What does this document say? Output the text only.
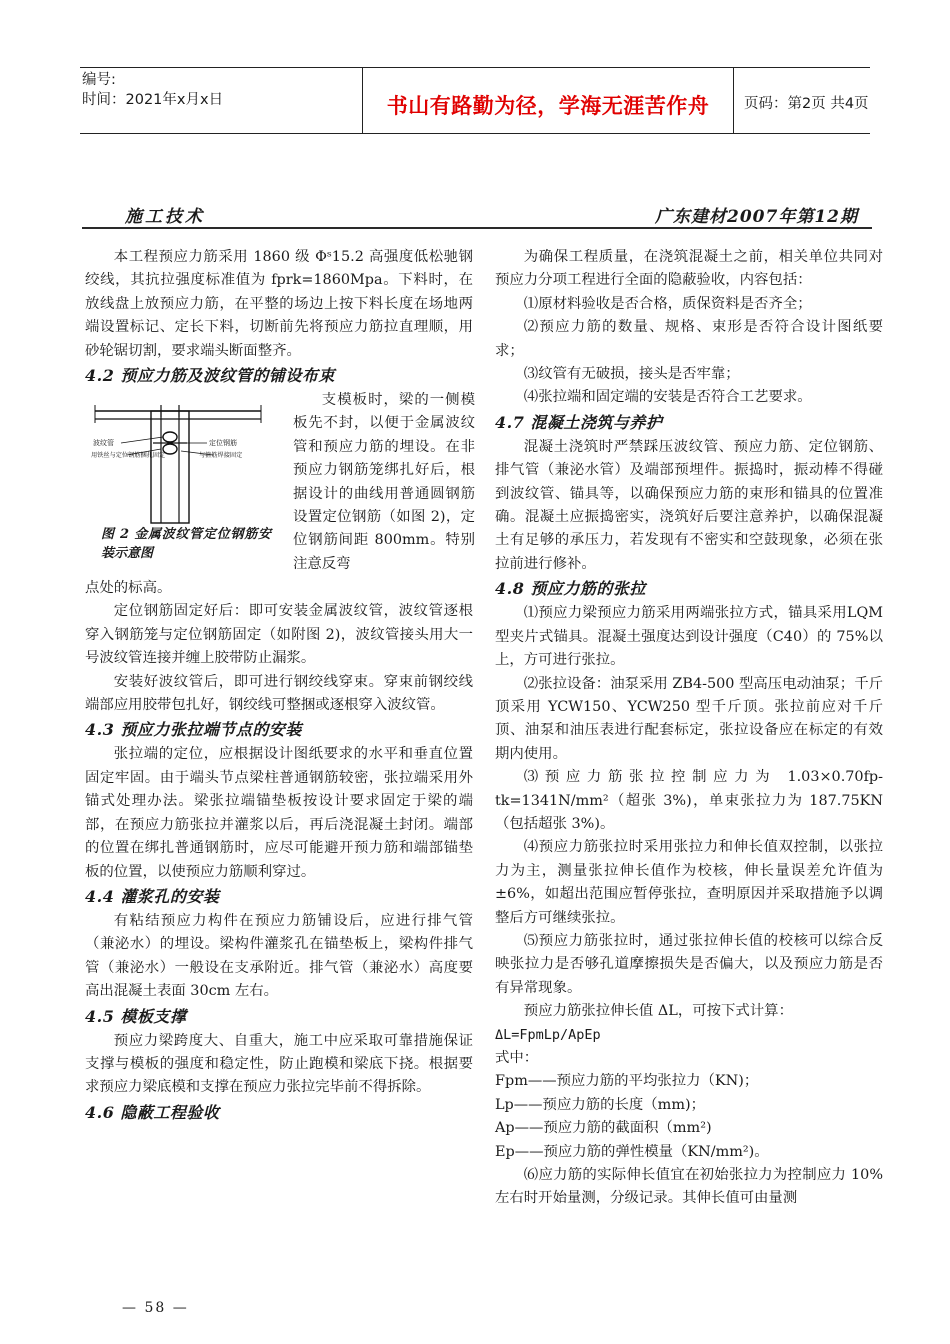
编号:
时间：2021年x月x日	书山有路勤为径，学海无涯苦作舟	页码：第2页 共4页
施工技术	广东建材2007年第12期

本工程预应力筋采用 1860 级 Φˢ15.2 高强度低松驰钢绞线，其抗拉强度标准值为 fprk=1860Mpa。下料时，在放线盘上放预应力筋，在平整的场边上按下料长度在场地两端设置标记、定长下料，切断前先将预应力筋拉直理顺，用砂轮锯切割，要求端头断面整齐。

4.2 预应力筋及波纹管的铺设布束

波纹管	定位钢筋
用铁丝与定位钢筋捆扎固定	与箍筋焊接固定
图 2 金属波纹管定位钢筋安装示意图

支模板时，梁的一侧模板先不封，以便于金属波纹管和预应力筋的埋设。在非预应力钢筋笼绑扎好后，根据设计的曲线用普通圆钢筋设置定位钢筋（如图 2)，定位钢筋间距 800mm。特别注意反弯

点处的标高。

定位钢筋固定好后：即可安装金属波纹管，波纹管逐根穿入钢筋笼与定位钢筋固定（如附图 2)，波纹管接头用大一号波纹管连接并缠上胶带防止漏浆。

安装好波纹管后，即可进行钢绞线穿束。穿束前钢绞线端部应用胶带包扎好，钢绞线可整捆或逐根穿入波纹管。

4.3 预应力张拉端节点的安装

张拉端的定位，应根据设计图纸要求的水平和垂直位置固定牢固。由于端头节点梁柱普通钢筋较密，张拉端采用外锚式处理办法。梁张拉端锚垫板按设计要求固定于梁的端部，在预应力筋张拉并灌浆以后，再后浇混凝土封闭。端部的位置在绑扎普通钢筋时，应尽可能避开预力筋和端部锚垫板的位置，以使预应力筋顺利穿过。

4.4 灌浆孔的安装

有粘结预应力构件在预应力筋铺设后，应进行排气管（兼泌水）的埋设。梁构件灌浆孔在锚垫板上，梁构件排气管（兼泌水）一般设在支承附近。排气管（兼泌水）高度要高出混凝土表面 30cm 左右。

4.5 模板支撑

预应力梁跨度大、自重大，施工中应采取可靠措施保证支撑与模板的强度和稳定性，防止跑模和梁底下挠。根据要求预应力梁底模和支撑在预应力张拉完毕前不得拆除。

4.6 隐蔽工程验收

为确保工程质量，在浇筑混凝土之前，相关单位共同对预应力分项工程进行全面的隐蔽验收，内容包括：

⑴原材料验收是否合格，质保资料是否齐全；

⑵预应力筋的数量、规格、束形是否符合设计图纸要求；

⑶纹管有无破损，接头是否牢靠；

⑷张拉端和固定端的安装是否符合工艺要求。

4.7 混凝土浇筑与养护

混凝土浇筑时严禁踩压波纹管、预应力筋、定位钢筋、排气管（兼泌水管）及端部预埋件。振捣时，振动棒不得碰到波纹管、锚具等，以确保预应力筋的束形和锚具的位置准确。混凝土应振捣密实，浇筑好后要注意养护，以确保混凝土有足够的承压力，若发现有不密实和空鼓现象，必须在张拉前进行修补。

4.8 预应力筋的张拉

⑴预应力梁预应力筋采用两端张拉方式，锚具采用LQM 型夹片式锚具。混凝土强度达到设计强度（C40）的 75%以上，方可进行张拉。

⑵张拉设备：油泵采用 ZB4-500 型高压电动油泵；千斤顶采用 YCW150、YCW250 型千斤顶。张拉前应对千斤顶、油泵和油压表进行配套标定，张拉设备应在标定的有效期内使用。

⑶预应力筋张拉控制应力为 1.03×0.70fp-tk=1341N/mm²（超张 3%)，单束张拉力为 187.75KN（包括超张 3%)。

⑷预应力筋张拉时采用张拉力和伸长值双控制，以张拉力为主，测量张拉伸长值作为校核，伸长量误差允许值为±6%，如超出范围应暂停张拉，查明原因并采取措施予以调整后方可继续张拉。

⑸预应力筋张拉时，通过张拉伸长值的校核可以综合反映张拉力是否够孔道摩擦损失是否偏大，以及预应力筋是否有异常现象。

预应力筋张拉伸长值 ΔL，可按下式计算：

ΔL=FpmLp/ApEp

式中：

Fpm——预应力筋的平均张拉力（KN)；

Lp——预应力筋的长度（mm)；

Ap——预应力筋的截面积（mm²)

Ep——预应力筋的弹性模量（KN/mm²)。

⑹应力筋的实际伸长值宜在初始张拉力为控制应力 10%左右时开始量测，分级记录。其伸长值可由量测

— 58 —
